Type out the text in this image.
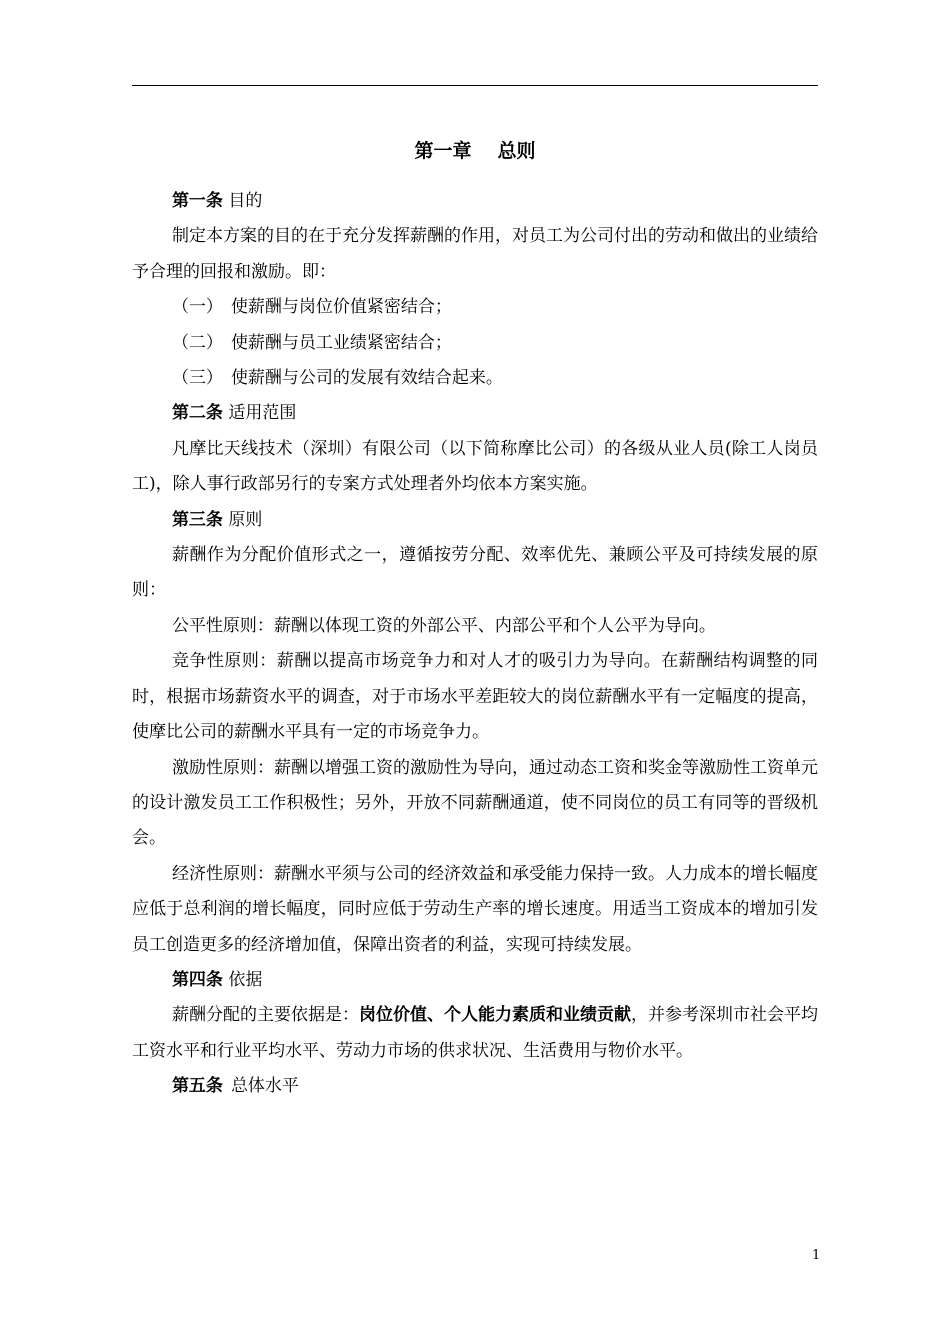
第一章 总则

第一条 目的

制定本方案的目的在于充分发挥薪酬的作用，对员工为公司付出的劳动和做出的业绩给予合理的回报和激励。即：

（一） 使薪酬与岗位价值紧密结合；

（二） 使薪酬与员工业绩紧密结合；

（三） 使薪酬与公司的发展有效结合起来。

第二条 适用范围

凡摩比天线技术（深圳）有限公司（以下简称摩比公司）的各级从业人员(除工人岗员工)，除人事行政部另行的专案方式处理者外均依本方案实施。

第三条 原则

薪酬作为分配价值形式之一，遵循按劳分配、效率优先、兼顾公平及可持续发展的原则：

公平性原则：薪酬以体现工资的外部公平、内部公平和个人公平为导向。

竞争性原则：薪酬以提高市场竞争力和对人才的吸引力为导向。在薪酬结构调整的同时，根据市场薪资水平的调查，对于市场水平差距较大的岗位薪酬水平有一定幅度的提高，使摩比公司的薪酬水平具有一定的市场竞争力。

激励性原则：薪酬以增强工资的激励性为导向，通过动态工资和奖金等激励性工资单元的设计激发员工工作积极性；另外，开放不同薪酬通道，使不同岗位的员工有同等的晋级机会。

经济性原则：薪酬水平须与公司的经济效益和承受能力保持一致。人力成本的增长幅度应低于总利润的增长幅度，同时应低于劳动生产率的增长速度。用适当工资成本的增加引发员工创造更多的经济增加值，保障出资者的利益，实现可持续发展。

第四条 依据

薪酬分配的主要依据是：岗位价值、个人能力素质和业绩贡献，并参考深圳市社会平均工资水平和行业平均水平、劳动力市场的供求状况、生活费用与物价水平。

第五条 总体水平

1
